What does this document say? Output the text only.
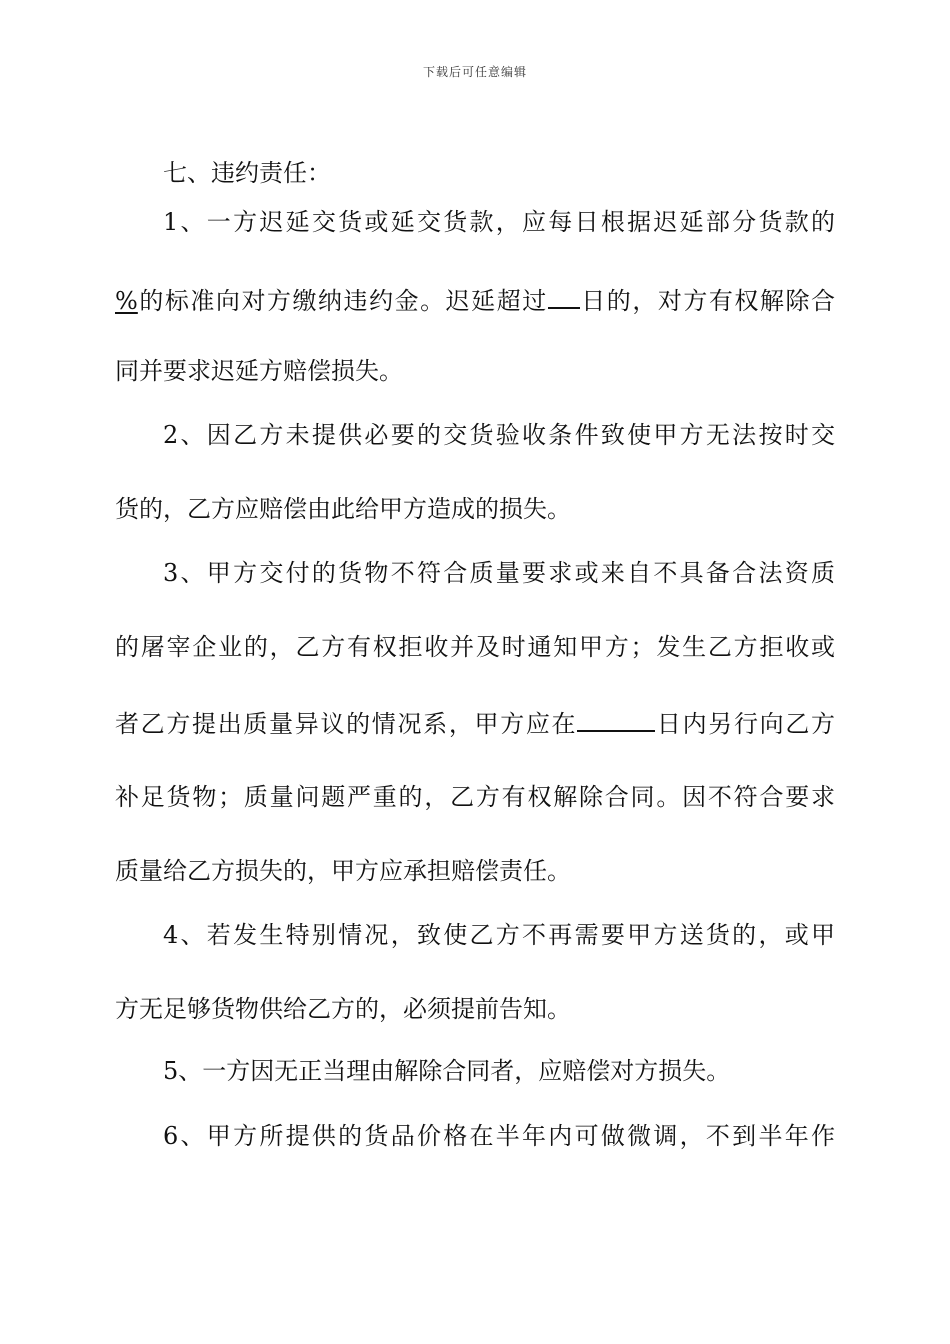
下载后可任意编辑
七、违约责任：
1、一方迟延交货或延交货款，应每日根据迟延部分货款的
%的标准向对方缴纳违约金。迟延超过 日的，对方有权解除合
同并要求迟延方赔偿损失。
2、因乙方未提供必要的交货验收条件致使甲方无法按时交
货的，乙方应赔偿由此给甲方造成的损失。
3、甲方交付的货物不符合质量要求或来自不具备合法资质
的屠宰企业的，乙方有权拒收并及时通知甲方；发生乙方拒收或
者乙方提出质量异议的情况系，甲方应在	日内另行向乙方
补足货物；质量问题严重的，乙方有权解除合同。因不符合要求
质量给乙方损失的，甲方应承担赔偿责任。
4、若发生特别情况，致使乙方不再需要甲方送货的，或甲
方无足够货物供给乙方的，必须提前告知。
5、一方因无正当理由解除合同者，应赔偿对方损失。
6、甲方所提供的货品价格在半年内可做微调，不到半年作
